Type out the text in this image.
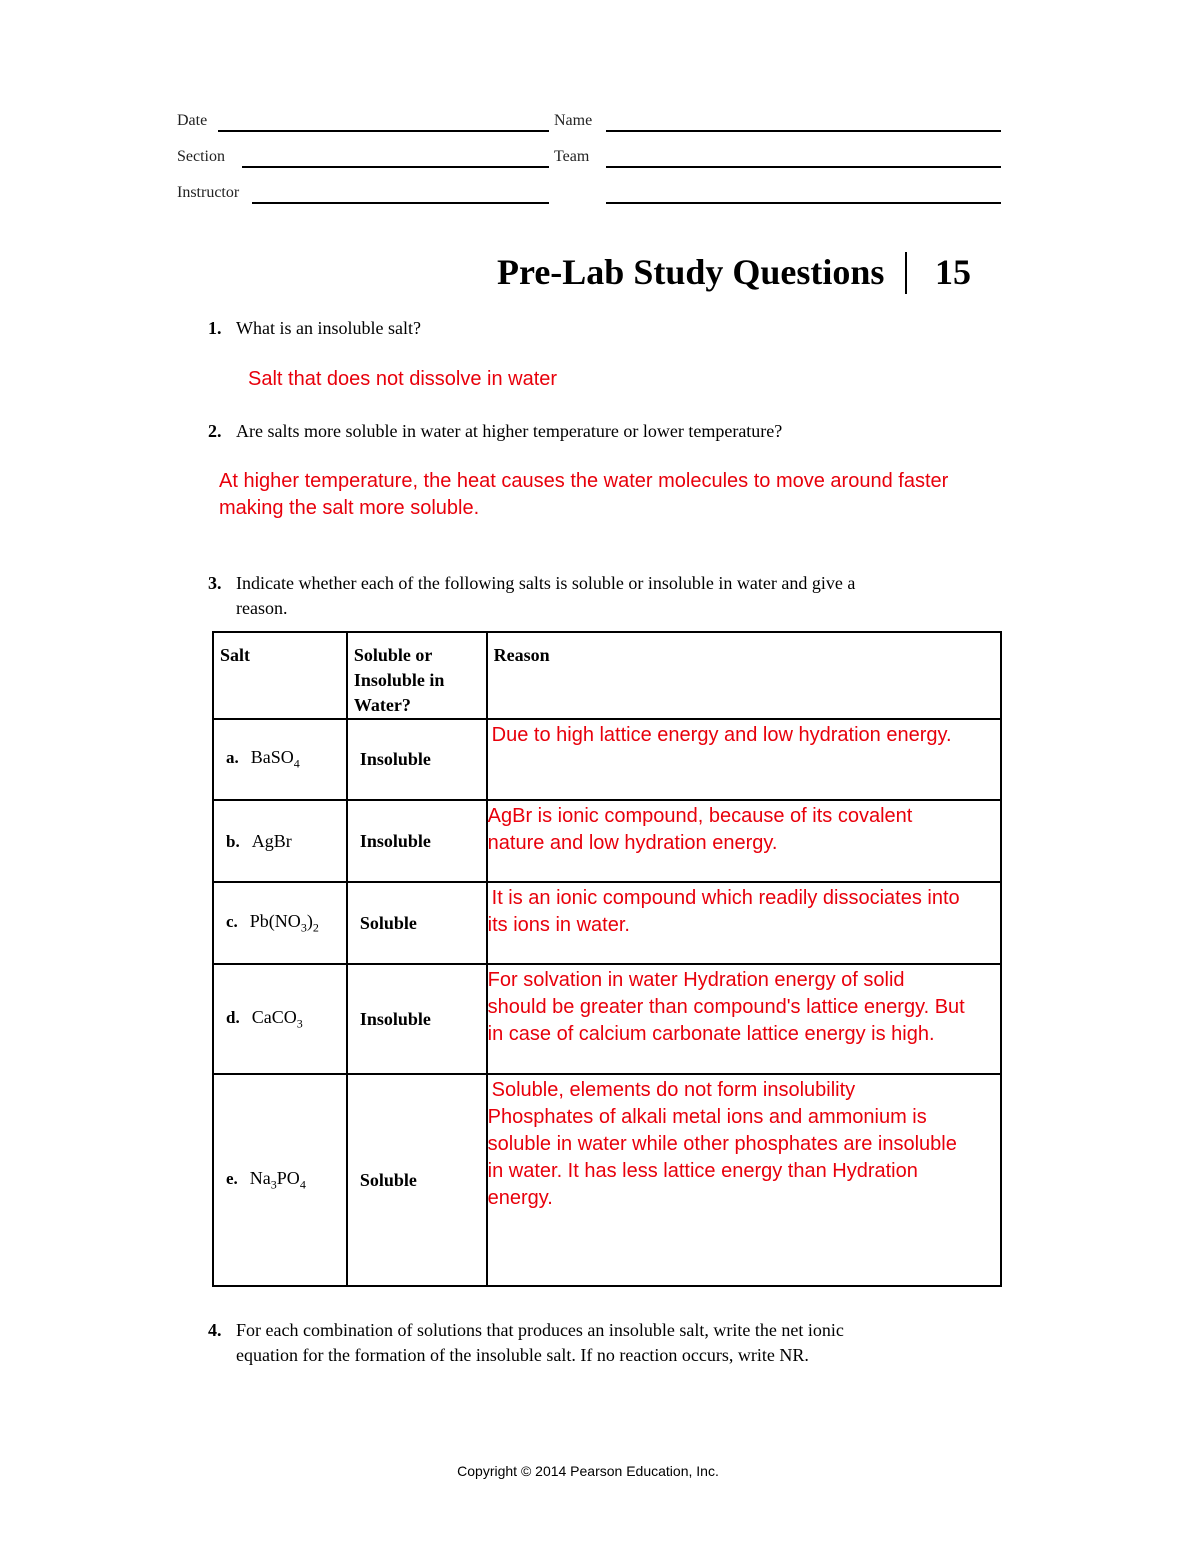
Date	Name
Section	Team
Instructor
Pre-Lab Study Questions 15
1. What is an insoluble salt?
Salt that does not dissolve in water
2. Are salts more soluble in water at higher temperature or lower temperature?
At higher temperature, the heat causes the water molecules to move around faster
making the salt more soluble.
3. Indicate whether each of the following salts is soluble or insoluble in water and give a
reason.
Salt	Soluble or
Insoluble in
Water?	Reason

a. BaSO$_4$	Insoluble	Due to high lattice energy and low hydration energy.

b. AgBr	Insoluble	AgBr is ionic compound, because of its covalent
nature and low hydration energy.

c. $Pb(NO_3)_2$	Soluble	It is an ionic compound which readily dissociates into
its ions in water.

d. CaCO$_3$	Insoluble	For solvation in water Hydration energy of solid
should be greater than compound's lattice energy. But
in case of calcium carbonate lattice energy is high.

e. $Na_3PO_4$	Soluble	Soluble, elements do not form insolubility
Phosphates of alkali metal ions and ammonium is
soluble in water while other phosphates are insoluble
in water. It has less lattice energy than Hydration
energy.
4. For each combination of solutions that produces an insoluble salt, write the net ionic
equation for the formation of the insoluble salt. If no reaction occurs, write NR.
Copyright © 2014 Pearson Education, Inc.
